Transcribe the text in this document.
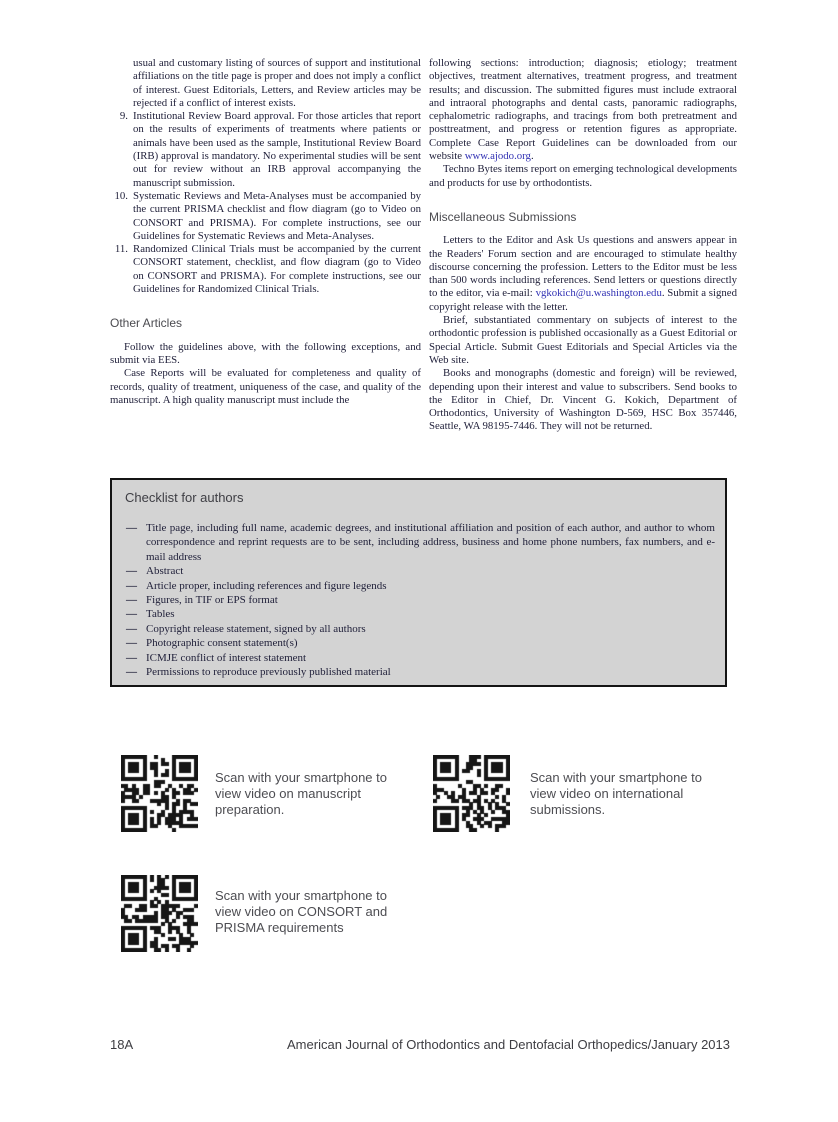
usual and customary listing of sources of support and institutional affiliations on the title page is proper and does not imply a conflict of interest. Guest Editorials, Letters, and Review articles may be rejected if a conflict of interest exists.

9. Institutional Review Board approval. For those articles that report on the results of experiments of treatments where patients or animals have been used as the sample, Institutional Review Board (IRB) approval is mandatory. No experimental studies will be sent out for review without an IRB approval accompanying the manuscript submission.
10. Systematic Reviews and Meta-Analyses must be accompanied by the current PRISMA checklist and flow diagram (go to Video on CONSORT and PRISMA). For complete instructions, see our Guidelines for Systematic Reviews and Meta-Analyses.
11. Randomized Clinical Trials must be accompanied by the current CONSORT statement, checklist, and flow diagram (go to Video on CONSORT and PRISMA). For complete instructions, see our Guidelines for Randomized Clinical Trials.
Other Articles

Follow the guidelines above, with the following exceptions, and submit via EES.

Case Reports will be evaluated for completeness and quality of records, quality of treatment, uniqueness of the case, and quality of the manuscript. A high quality manuscript must include the

following sections: introduction; diagnosis; etiology; treatment objectives, treatment alternatives, treatment progress, and treatment results; and discussion. The submitted figures must include extraoral and intraoral photographs and dental casts, panoramic radiographs, cephalometric radiographs, and tracings from both pretreatment and posttreatment, and progress or retention figures as appropriate. Complete Case Report Guidelines can be downloaded from our website www.ajodo.org.

Techno Bytes items report on emerging technological developments and products for use by orthodontists.

Miscellaneous Submissions

Letters to the Editor and Ask Us questions and answers appear in the Readers' Forum section and are encouraged to stimulate healthy discourse concerning the profession. Letters to the Editor must be less than 500 words including references. Send letters or questions directly to the editor, via e-mail: vgkokich@u.washington.edu. Submit a signed copyright release with the letter.

Brief, substantiated commentary on subjects of interest to the orthodontic profession is published occasionally as a Guest Editorial or Special Article. Submit Guest Editorials and Special Articles via the Web site.

Books and monographs (domestic and foreign) will be reviewed, depending upon their interest and value to subscribers. Send books to the Editor in Chief, Dr. Vincent G. Kokich, Department of Orthodontics, University of Washington D-569, HSC Box 357446, Seattle, WA 98195-7446. They will not be returned.

Checklist for authors
— Title page, including full name, academic degrees, and institutional affiliation and position of each author, and author to whom correspondence and reprint requests are to be sent, including address, business and home phone numbers, fax numbers, and e-mail address
— Abstract
— Article proper, including references and figure legends
— Figures, in TIF or EPS format
— Tables
— Copyright release statement, signed by all authors
— Photographic consent statement(s)
— ICMJE conflict of interest statement
— Permissions to reproduce previously published material
Scan with your smartphone to view video on manuscript preparation.
Scan with your smartphone to view video on international submissions.
Scan with your smartphone to view video on CONSORT and PRISMA requirements
18A	American Journal of Orthodontics and Dentofacial Orthopedics/January 2013
